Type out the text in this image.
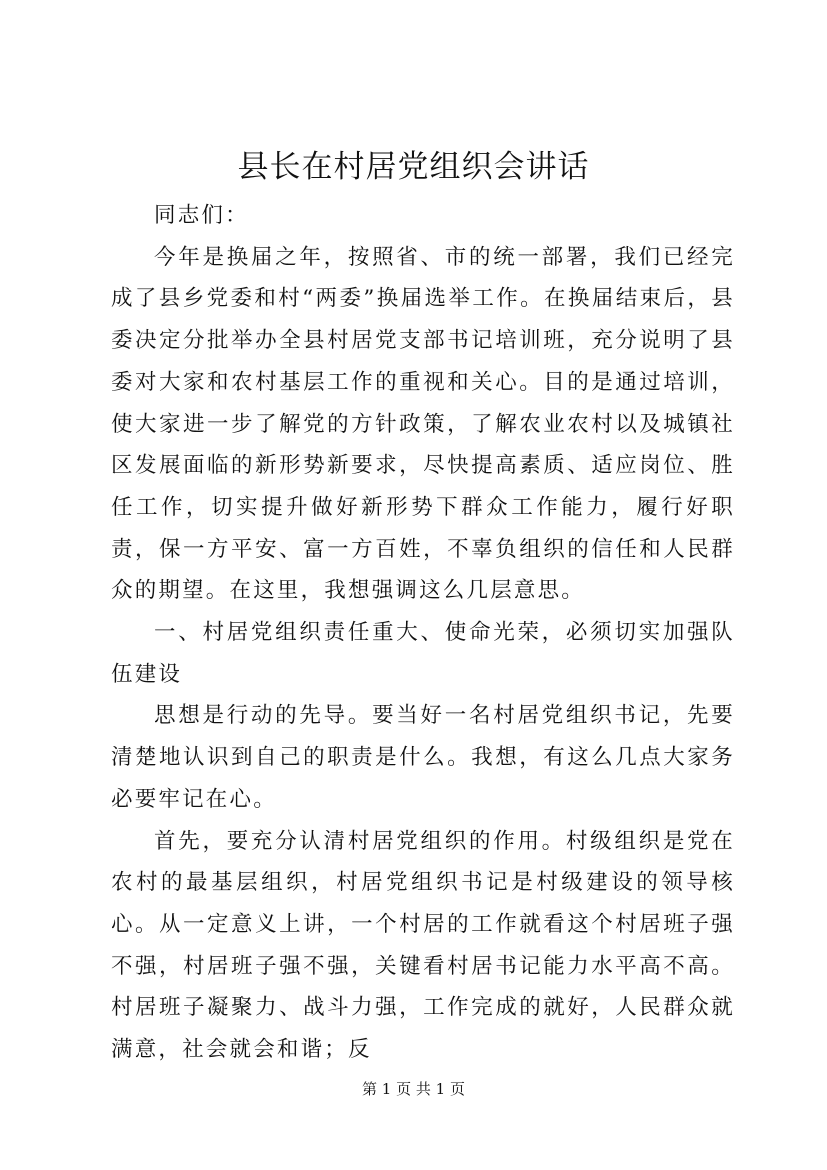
县长在村居党组织会讲话

同志们：

今年是换届之年，按照省、市的统一部署，我们已经完成了县乡党委和村“两委”换届选举工作。在换届结束后，县委决定分批举办全县村居党支部书记培训班，充分说明了县委对大家和农村基层工作的重视和关心。目的是通过培训，使大家进一步了解党的方针政策，了解农业农村以及城镇社区发展面临的新形势新要求，尽快提高素质、适应岗位、胜任工作，切实提升做好新形势下群众工作能力，履行好职责，保一方平安、富一方百姓，不辜负组织的信任和人民群众的期望。在这里，我想强调这么几层意思。

一、村居党组织责任重大、使命光荣，必须切实加强队伍建设

思想是行动的先导。要当好一名村居党组织书记，先要清楚地认识到自己的职责是什么。我想，有这么几点大家务必要牢记在心。

首先，要充分认清村居党组织的作用。村级组织是党在农村的最基层组织，村居党组织书记是村级建设的领导核心。从一定意义上讲，一个村居的工作就看这个村居班子强不强，村居班子强不强，关键看村居书记能力水平高不高。村居班子凝聚力、战斗力强，工作完成的就好，人民群众就满意，社会就会和谐；反

第 1 页 共 1 页
